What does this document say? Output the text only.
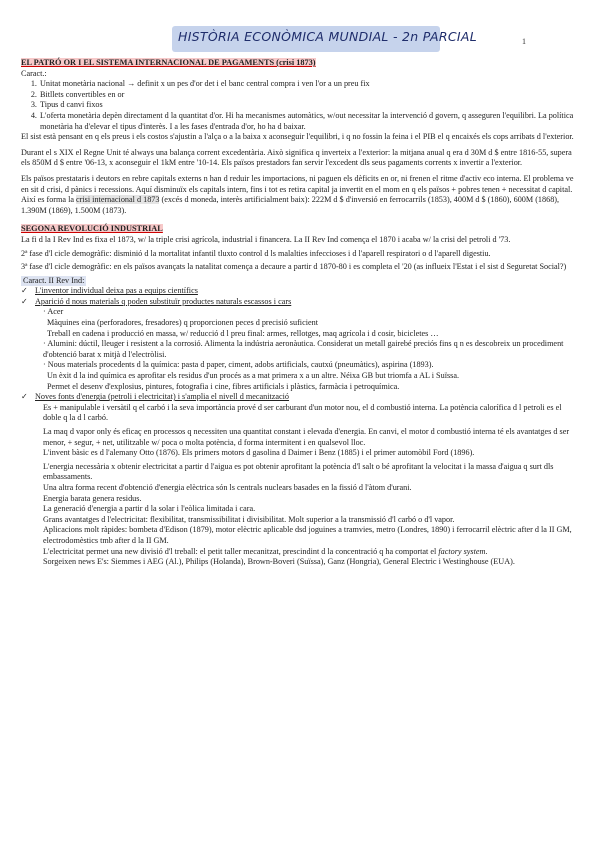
HISTÒRIA ECONÒMICA MUNDIAL - 2n PARCIAL	1

EL PATRÓ OR I EL SISTEMA INTERNACIONAL DE PAGAMENTS (crisi 1873)

Caract.:

1. Unitat monetària nacional → definit x un pes d'or det i el banc central compra i ven l'or a un preu fix
2. Bitllets convertibles en or
3. Tipus d canvi fixos
4. L'oferta monetària depèn directament d la quantitat d'or. Hi ha mecanismes automàtics, w/out necessitar la intervenció d govern, q asseguren l'equilibri. La política monetària ha d'elevar el tipus d'interès. I a les fases d'entrada d'or, ho ha d baixar.

El sist està pensant en q els preus i els costos s'ajustin a l'alça o a la baixa x aconseguir l'equilibri, i q no fossin la feina i el PIB el q encaixés els cops arribats d l'exterior.

Durant el s XIX el Regne Unit té always una balança corrent excedentària. Això significa q inverteix a l'exterior: la mitjana anual q era d 30M d $ entre 1816-55, supera els 850M d $ entre '06-13, x aconseguir el 1kM entre '10-14. Els països prestadors fan servir l'excedent dls seus pagaments corrents x invertir a l'exterior.

Els països prestataris i deutors en rebre capitals externs n han d reduir les importacions, ni paguen els dèficits en or, ni frenen el ritme d'activ eco interna. El problema ve en sit d crisi, d pànics i recessions. Aquí disminuïx els capitals intern, fins i tot es retira capital ja invertit en el mom en q els països + pobres tenen + necessitat d capital.

Així es forma la crisi internacional d 1873 (excés d moneda, interès artificialment baix): 222M d $ d'inversió en ferrocarrils (1853), 400M d $ (1860), 600M (1868), 1.390M (1869), 1.500M (1873).

SEGONA REVOLUCIÓ INDUSTRIAL

La fi d la I Rev Ind es fixa el 1873, w/ la triple crisi agrícola, industrial i financera. La II Rev Ind comença el 1870 i acaba w/ la crisi del petroli d '73.

2ª fase d'l cicle demogràfic: disminió d la mortalitat infantil tluxto control d ls malalties infeccioses i d l'aparell respiratori o d l'aparell digestiu.

3ª fase d'l cicle demogràfic: en els països avançats la natalitat comença a decaure a partir d 1870-80 i es completa el '20 (as influeix l'Estat i el sist d Seguretat Social?)

Caract. II Rev Ind:

✓ L'inventor individual deixa pas a equips científics
✓ Aparició d nous materials q poden substituïr productes naturals escassos i cars

· Acer

Màquines eina (perforadores, fresadores) q proporcionen peces d precisió suficient

Treball en cadena i producció en massa, w/ reducció d l preu final: armes, rellotges, maq agrícola i d cosir, bicicletes …

· Alumini: dúctil, lleuger i resistent a la corrosió. Alimenta la indústria aeronàutica. Considerat un metall gairebé preciós fins q n es descobreix un procediment d'obtenció barat x mitjà d l'electròlisi.

· Nous materials procedents d la química: pasta d paper, ciment, adobs artificials, cautxú (pneumàtics), aspirina (1893).

Un èxit d la ind química es aprofitar els residus d'un procés as a mat primera x a un altre. Néixa GB but triomfa a AL i Suïssa.

Permet el desenv d'explosius, pintures, fotografia i cine, fibres artificials i plàstics, farmàcia i petroquímica.

✓ Noves fonts d'energia (petroli i electricitat) i s'amplia el nivell d mecanització

Es + manipulable i versàtil q el carbó i la seva importància prové d ser carburant d'un motor nou, el d combustió interna. La potència calorífica d l petroli es el doble q la d l carbó.

La maq d vapor only és eficaç en processos q necessiten una quantitat constant i elevada d'energia. En canvi, el motor d combustió interna té els avantatges d ser menor, + segur, + net, utilitzable w/ poca o molta potència, d forma intermitent i en qualsevol lloc.

L'invent bàsic es d l'alemany Otto (1876). Els primers motors d gasolina d Daimer i Benz (1885) i el primer automòbil Ford (1896).

L'energia necessària x obtenir electricitat a partir d l'aigua es pot obtenir aprofitant la potència d'l salt o bé aprofitant la velocitat i la massa d'aigua q surt dls embassaments.

Una altra forma recent d'obtenció d'energia elèctrica són ls centrals nuclears basades en la fissió d l'àtom d'urani.

Energia barata genera residus.

La generació d'energia a partir d la solar i l'eòlica limitada i cara.

Grans avantatges d l'electricitat: flexibilitat, transmissibilitat i divisibilitat. Molt superior a la transmissió d'l carbó o d'l vapor.

Aplicacions molt ràpides: bombeta d'Edison (1879), motor elèctric aplicable dsd joguines a tramvies, metro (Londres, 1890) i ferrocarril elèctric after d la II GM, electrodomèstics tmb after d la II GM.

L'electricitat permet una new divisió d'l treball: el petit taller mecanitzat, prescindint d la concentració q ha comportat el factory system.

Sorgeixen news E's: Siemmes i AEG (Al.), Philips (Holanda), Brown-Boveri (Suïssa), Ganz (Hongria), General Electric i Westinghouse (EUA).
